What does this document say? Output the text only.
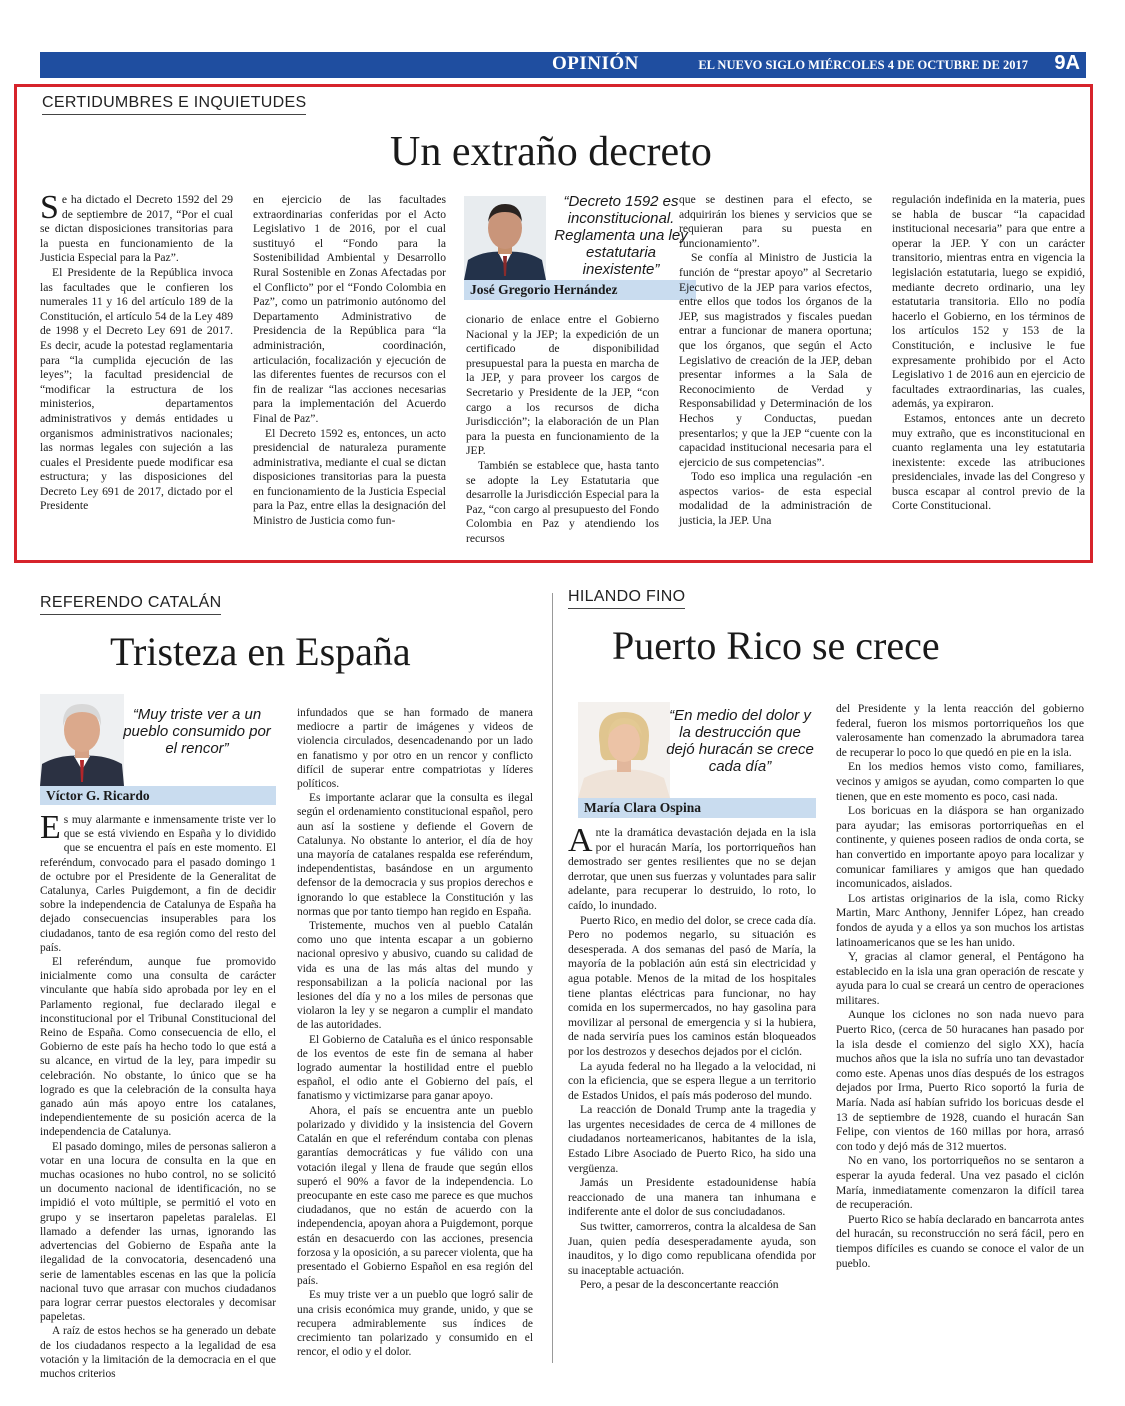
OPINIÓN	EL NUEVO SIGLO MIÉRCOLES 4 DE OCTUBRE DE 2017 9A
CERTIDUMBRES E INQUIETUDES
Un extraño decreto

Se ha dictado el Decreto 1592 del 29 de septiembre de 2017, “Por el cual se dictan disposiciones transitorias para la puesta en funcionamiento de la Justicia Especial para la Paz”.

El Presidente de la República invoca las facultades que le confieren los numerales 11 y 16 del artículo 189 de la Constitución, el artículo 54 de la Ley 489 de 1998 y el Decreto Ley 691 de 2017. Es decir, acude la potestad reglamentaria para “la cumplida ejecución de las leyes”; la facultad presidencial de “modificar la estructura de los ministerios, departamentos administrativos y demás entidades u organismos administrativos nacionales; las normas legales con sujeción a las cuales el Presidente puede modificar esa estructura; y las disposiciones del Decreto Ley 691 de 2017, dictado por el Presidente

en ejercicio de las facultades extraordinarias conferidas por el Acto Legislativo 1 de 2016, por el cual sustituyó el “Fondo para la Sostenibilidad Ambiental y Desarrollo Rural Sostenible en Zonas Afectadas por el Conflicto” por el “Fondo Colombia en Paz”, como un patrimonio autónomo del Departamento Administrativo de Presidencia de la República para “la administración, coordinación, articulación, focalización y ejecución de las diferentes fuentes de recursos con el fin de realizar “las acciones necesarias para la implementación del Acuerdo Final de Paz”.

El Decreto 1592 es, entonces, un acto presidencial de naturaleza puramente administrativa, mediante el cual se dictan disposiciones transitorias para la puesta en funcionamiento de la Justicia Especial para la Paz, entre ellas la designación del Ministro de Justicia como fun-

“Decreto 1592 es inconstitucional. Reglamenta una ley estatutaria inexistente”
José Gregorio Hernández

cionario de enlace entre el Gobierno Nacional y la JEP; la expedición de un certificado de disponibilidad presupuestal para la puesta en marcha de la JEP, y para proveer los cargos de Secretario y Presidente de la JEP, “con cargo a los recursos de dicha Jurisdicción”; la elaboración de un Plan para la puesta en funcionamiento de la JEP.

También se establece que, hasta tanto se adopte la Ley Estatutaria que desarrolle la Jurisdicción Especial para la Paz, “con cargo al presupuesto del Fondo Colombia en Paz y atendiendo los recursos

que se destinen para el efecto, se adquirirán los bienes y servicios que se requieran para su puesta en funcionamiento”.

Se confía al Ministro de Justicia la función de “prestar apoyo” al Secretario Ejecutivo de la JEP para varios efectos, entre ellos que todos los órganos de la JEP, sus magistrados y fiscales puedan entrar a funcionar de manera oportuna; que los órganos, que según el Acto Legislativo de creación de la JEP, deban presentar informes a la Sala de Reconocimiento de Verdad y Responsabilidad y Determinación de los Hechos y Conductas, puedan presentarlos; y que la JEP “cuente con la capacidad institucional necesaria para el ejercicio de sus competencias”.

Todo eso implica una regulación -en aspectos varios- de esta especial modalidad de la administración de justicia, la JEP. Una

regulación indefinida en la materia, pues se habla de buscar “la capacidad institucional necesaria” para que entre a operar la JEP. Y con un carácter transitorio, mientras entra en vigencia la legislación estatutaria, luego se expidió, mediante decreto ordinario, una ley estatutaria transitoria. Ello no podía hacerlo el Gobierno, en los términos de los artículos 152 y 153 de la Constitución, e inclusive le fue expresamente prohibido por el Acto Legislativo 1 de 2016 aun en ejercicio de facultades extraordinarias, las cuales, además, ya expiraron.

Estamos, entonces ante un decreto muy extraño, que es inconstitucional en cuanto reglamenta una ley estatutaria inexistente: excede las atribuciones presidenciales, invade las del Congreso y busca escapar al control previo de la Corte Constitucional.

REFERENDO CATALÁN
Tristeza en España
“Muy triste ver a un pueblo consumido por el rencor”
Víctor G. Ricardo

Es muy alarmante e inmensamente triste ver lo que se está viviendo en España y lo dividido que se encuentra el país en este momento. El referéndum, convocado para el pasado domingo 1 de octubre por el Presidente de la Generalitat de Catalunya, Carles Puigdemont, a fin de decidir sobre la independencia de Catalunya de España ha dejado consecuencias insuperables para los ciudadanos, tanto de esa región como del resto del país.

El referéndum, aunque fue promovido inicialmente como una consulta de carácter vinculante que había sido aprobada por ley en el Parlamento regional, fue declarado ilegal e inconstitucional por el Tribunal Constitucional del Reino de España. Como consecuencia de ello, el Gobierno de este país ha hecho todo lo que está a su alcance, en virtud de la ley, para impedir su celebración. No obstante, lo único que se ha logrado es que la celebración de la consulta haya ganado aún más apoyo entre los catalanes, independientemente de su posición acerca de la independencia de Catalunya.

El pasado domingo, miles de personas salieron a votar en una locura de consulta en la que en muchas ocasiones no hubo control, no se solicitó un documento nacional de identificación, no se impidió el voto múltiple, se permitió el voto en grupo y se insertaron papeletas paralelas. El llamado a defender las urnas, ignorando las advertencias del Gobierno de España ante la ilegalidad de la convocatoria, desencadenó una serie de lamentables escenas en las que la policía nacional tuvo que arrasar con muchos ciudadanos para lograr cerrar puestos electorales y decomisar papeletas.

A raíz de estos hechos se ha generado un debate de los ciudadanos respecto a la legalidad de esa votación y la limitación de la democracia en el que muchos criterios

infundados que se han formado de manera mediocre a partir de imágenes y videos de violencia circulados, desencadenando por un lado en fanatismo y por otro en un rencor y conflicto difícil de superar entre compatriotas y líderes políticos.

Es importante aclarar que la consulta es ilegal según el ordenamiento constitucional español, pero aun así la sostiene y defiende el Govern de Catalunya. No obstante lo anterior, el día de hoy una mayoría de catalanes respalda ese referéndum, independentistas, basándose en un argumento defensor de la democracia y sus propios derechos e ignorando lo que establece la Constitución y las normas que por tanto tiempo han regido en España.

Tristemente, muchos ven al pueblo Catalán como uno que intenta escapar a un gobierno nacional opresivo y abusivo, cuando su calidad de vida es una de las más altas del mundo y responsabilizan a la policía nacional por las lesiones del día y no a los miles de personas que violaron la ley y se negaron a cumplir el mandato de las autoridades.

El Gobierno de Cataluña es el único responsable de los eventos de este fin de semana al haber logrado aumentar la hostilidad entre el pueblo español, el odio ante el Gobierno del país, el fanatismo y victimizarse para ganar apoyo.

Ahora, el país se encuentra ante un pueblo polarizado y dividido y la insistencia del Govern Catalán en que el referéndum contaba con plenas garantías democráticas y fue válido con una votación ilegal y llena de fraude que según ellos superó el 90% a favor de la independencia. Lo preocupante en este caso me parece es que muchos ciudadanos, que no están de acuerdo con la independencia, apoyan ahora a Puigdemont, porque están en desacuerdo con las acciones, presencia forzosa y la oposición, a su parecer violenta, que ha presentado el Gobierno Español en esa región del país.

Es muy triste ver a un pueblo que logró salir de una crisis económica muy grande, unido, y que se recupera admirablemente sus índices de crecimiento tan polarizado y consumido en el rencor, el odio y el dolor.

HILANDO FINO
Puerto Rico se crece
“En medio del dolor y la destrucción que dejó huracán se crece cada día”
María Clara Ospina

Ante la dramática devastación dejada en la isla por el huracán María, los portorriqueños han demostrado ser gentes resilientes que no se dejan derrotar, que unen sus fuerzas y voluntades para salir adelante, para recuperar lo destruido, lo roto, lo caído, lo inundado.

Puerto Rico, en medio del dolor, se crece cada día. Pero no podemos negarlo, su situación es desesperada. A dos semanas del pasó de María, la mayoría de la población aún está sin electricidad y agua potable. Menos de la mitad de los hospitales tiene plantas eléctricas para funcionar, no hay comida en los supermercados, no hay gasolina para movilizar al personal de emergencia y si la hubiera, de nada serviría pues los caminos están bloqueados por los destrozos y desechos dejados por el ciclón.

La ayuda federal no ha llegado a la velocidad, ni con la eficiencia, que se espera llegue a un territorio de Estados Unidos, el país más poderoso del mundo.

La reacción de Donald Trump ante la tragedia y las urgentes necesidades de cerca de 4 millones de ciudadanos norteamericanos, habitantes de la isla, Estado Libre Asociado de Puerto Rico, ha sido una vergüenza.

Jamás un Presidente estadounidense había reaccionado de una manera tan inhumana e indiferente ante el dolor de sus conciudadanos.

Sus twitter, camorreros, contra la alcaldesa de San Juan, quien pedía desesperadamente ayuda, son inauditos, y lo digo como republicana ofendida por su inaceptable actuación.

Pero, a pesar de la desconcertante reacción

del Presidente y la lenta reacción del gobierno federal, fueron los mismos portorriqueños los que valerosamente han comenzado la abrumadora tarea de recuperar lo poco lo que quedó en pie en la isla.

En los medios hemos visto como, familiares, vecinos y amigos se ayudan, como comparten lo que tienen, que en este momento es poco, casi nada.

Los boricuas en la diáspora se han organizado para ayudar; las emisoras portorriqueñas en el continente, y quienes poseen radios de onda corta, se han convertido en importante apoyo para localizar y comunicar familiares y amigos que han quedado incomunicados, aislados.

Los artistas originarios de la isla, como Ricky Martin, Marc Anthony, Jennifer López, han creado fondos de ayuda y a ellos ya son muchos los artistas latinoamericanos que se les han unido.

Y, gracias al clamor general, el Pentágono ha establecido en la isla una gran operación de rescate y ayuda para lo cual se creará un centro de operaciones militares.

Aunque los ciclones no son nada nuevo para Puerto Rico, (cerca de 50 huracanes han pasado por la isla desde el comienzo del siglo XX), hacía muchos años que la isla no sufría uno tan devastador como este. Apenas unos días después de los estragos dejados por Irma, Puerto Rico soportó la furia de María. Nada así habían sufrido los boricuas desde el 13 de septiembre de 1928, cuando el huracán San Felipe, con vientos de 160 millas por hora, arrasó con todo y dejó más de 312 muertos.

No en vano, los portorriqueños no se sentaron a esperar la ayuda federal. Una vez pasado el ciclón María, inmediatamente comenzaron la difícil tarea de recuperación.

Puerto Rico se había declarado en bancarrota antes del huracán, su reconstrucción no será fácil, pero en tiempos difíciles es cuando se conoce el valor de un pueblo.
